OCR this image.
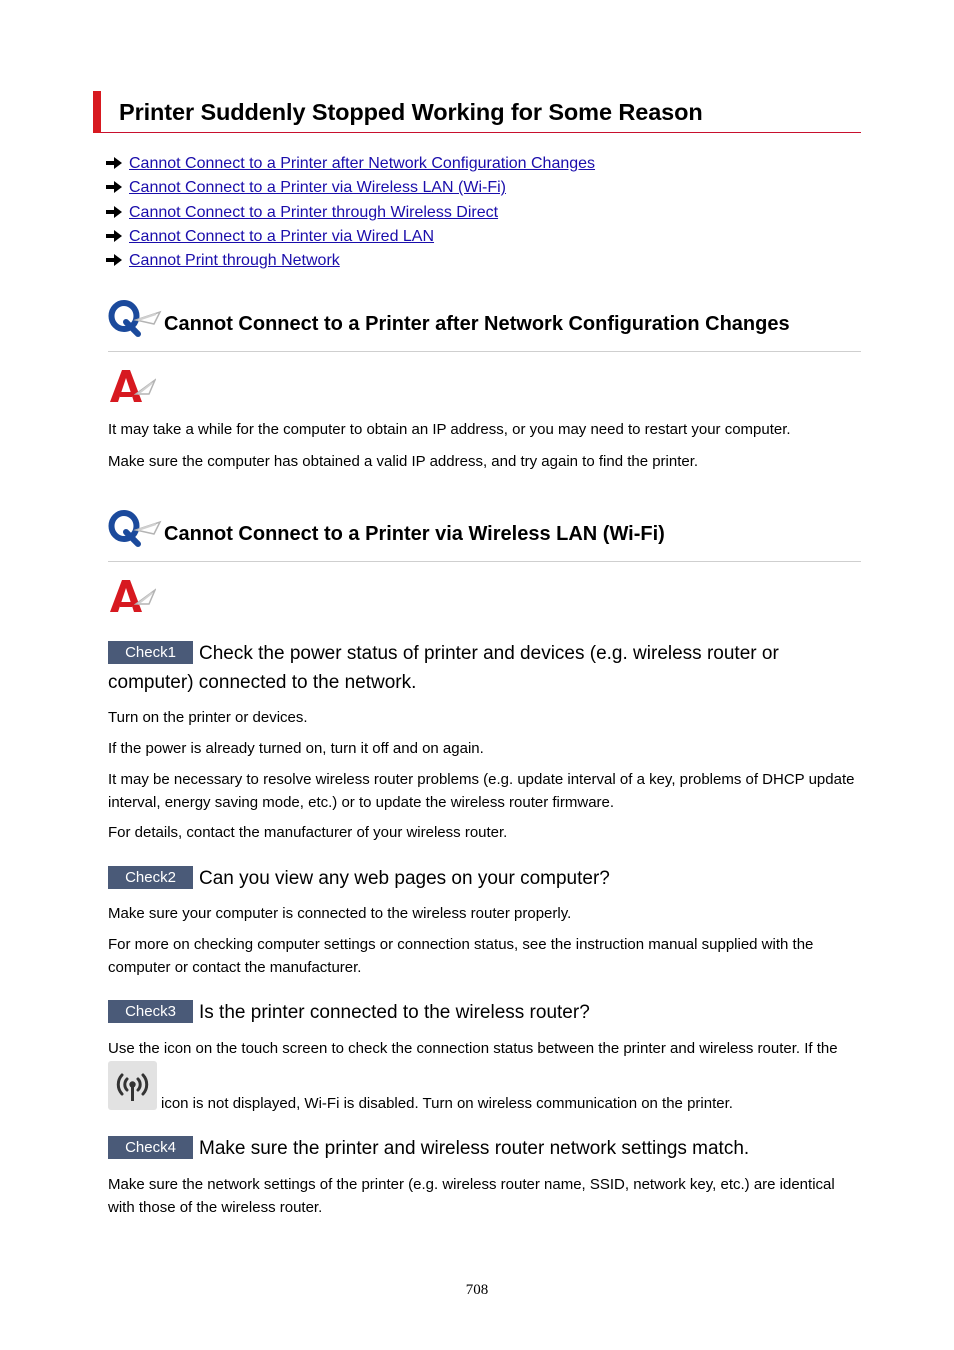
Printer Suddenly Stopped Working for Some Reason
Cannot Connect to a Printer after Network Configuration Changes
Cannot Connect to a Printer via Wireless LAN (Wi-Fi)
Cannot Connect to a Printer through Wireless Direct
Cannot Connect to a Printer via Wired LAN
Cannot Print through Network
Cannot Connect to a Printer after Network Configuration Changes

It may take a while for the computer to obtain an IP address, or you may need to restart your computer.

Make sure the computer has obtained a valid IP address, and try again to find the printer.

Cannot Connect to a Printer via Wireless LAN (Wi-Fi)
Check1 Check the power status of printer and devices (e.g. wireless router or computer) connected to the network.

Turn on the printer or devices.

If the power is already turned on, turn it off and on again.

It may be necessary to resolve wireless router problems (e.g. update interval of a key, problems of DHCP update interval, energy saving mode, etc.) or to update the wireless router firmware.

For details, contact the manufacturer of your wireless router.

Check2 Can you view any web pages on your computer?

Make sure your computer is connected to the wireless router properly.

For more on checking computer settings or connection status, see the instruction manual supplied with the computer or contact the manufacturer.

Check3 Is the printer connected to the wireless router?

Use the icon on the touch screen to check the connection status between the printer and wireless router. If the

icon is not displayed, Wi-Fi is disabled. Turn on wireless communication on the printer.

Check4 Make sure the printer and wireless router network settings match.

Make sure the network settings of the printer (e.g. wireless router name, SSID, network key, etc.) are identical with those of the wireless router.

708
